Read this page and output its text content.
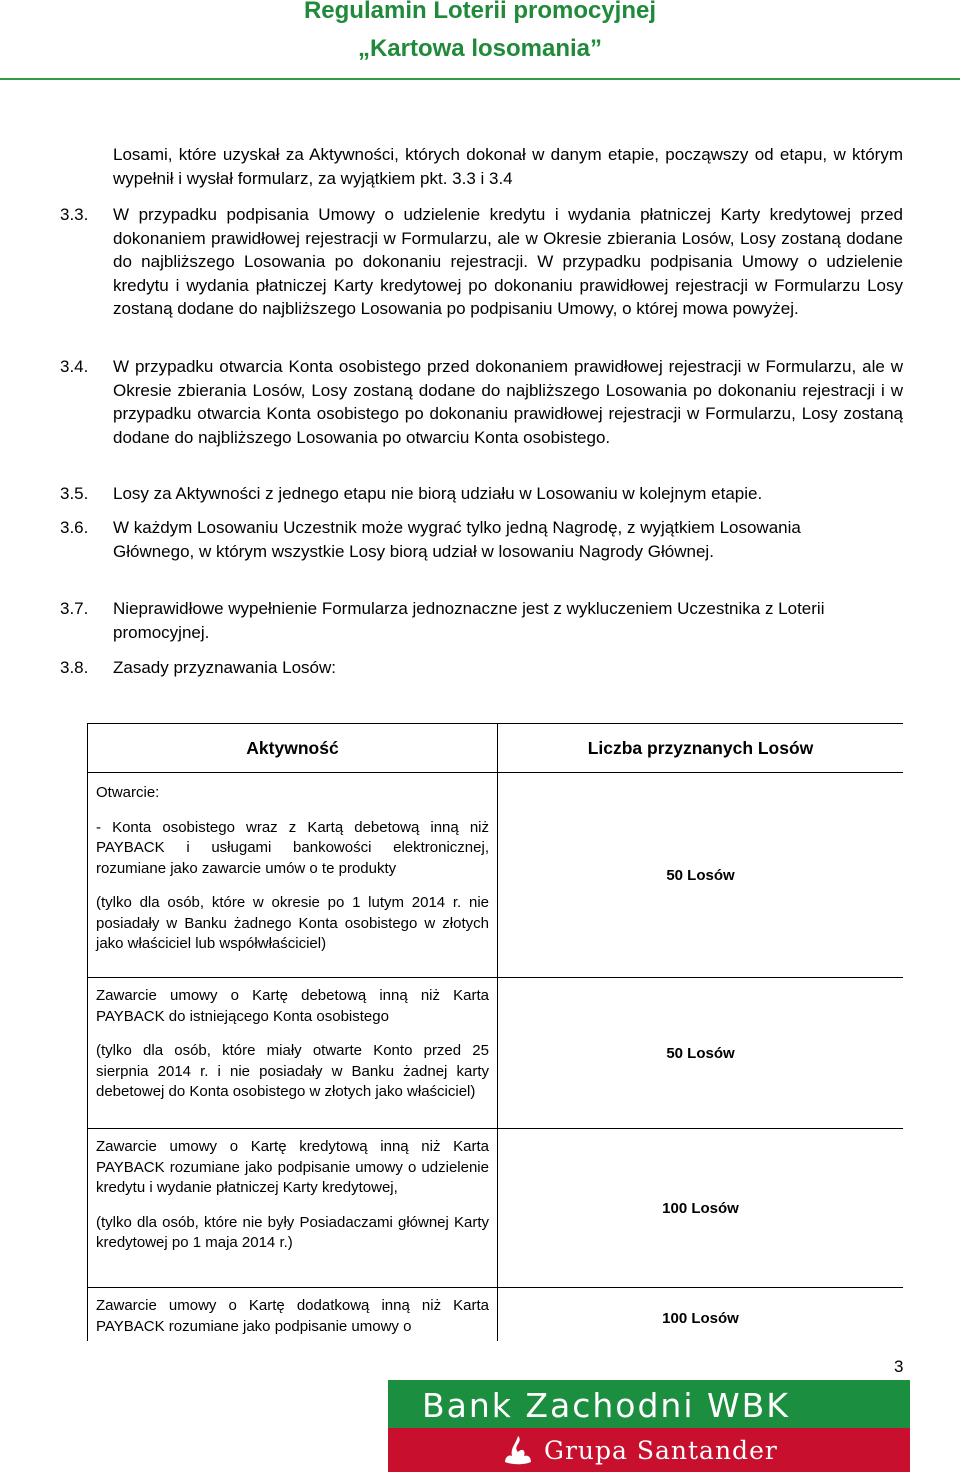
Regulamin Loterii promocyjnej
„Kartowa losomania”
Losami, które uzyskał za Aktywności, których dokonał w danym etapie, począwszy od etapu, w którym wypełnił i wysłał formularz, za wyjątkiem pkt. 3.3 i 3.4
3.3. W przypadku podpisania Umowy o udzielenie kredytu i wydania płatniczej Karty kredytowej przed dokonaniem prawidłowej rejestracji w Formularzu, ale w Okresie zbierania Losów, Losy zostaną dodane do najbliższego Losowania po dokonaniu rejestracji. W przypadku podpisania Umowy o udzielenie kredytu i wydania płatniczej Karty kredytowej po dokonaniu prawidłowej rejestracji w Formularzu Losy zostaną dodane do najbliższego Losowania po podpisaniu Umowy, o której mowa powyżej.
3.4. W przypadku otwarcia Konta osobistego przed dokonaniem prawidłowej rejestracji w Formularzu, ale w Okresie zbierania Losów, Losy zostaną dodane do najbliższego Losowania po dokonaniu rejestracji i w przypadku otwarcia Konta osobistego po dokonaniu prawidłowej rejestracji w Formularzu, Losy zostaną dodane do najbliższego Losowania po otwarciu Konta osobistego.
3.5. Losy za Aktywności z jednego etapu nie biorą udziału w Losowaniu w kolejnym etapie.
3.6. W każdym Losowaniu Uczestnik może wygrać tylko jedną Nagrodę, z wyjątkiem Losowania Głównego, w którym wszystkie Losy biorą udział w losowaniu Nagrody Głównej.
3.7. Nieprawidłowe wypełnienie Formularza jednoznaczne jest z wykluczeniem Uczestnika z Loterii promocyjnej.
3.8. Zasady przyznawania Losów:
Aktywność	Liczba przyznanych Losów

Otwarcie:

- Konta osobistego wraz z Kartą debetową inną niż PAYBACK i usługami bankowości elektronicznej, rozumiane jako zawarcie umów o te produkty

(tylko dla osób, które w okresie po 1 lutym 2014 r. nie posiadały w Banku żadnego Konta osobistego w złotych jako właściciel lub współwłaściciel)	50 Losów

Zawarcie umowy o Kartę debetową inną niż Karta PAYBACK do istniejącego Konta osobistego

(tylko dla osób, które miały otwarte Konto przed 25 sierpnia 2014 r. i nie posiadały w Banku żadnej karty debetowej do Konta osobistego w złotych jako właściciel)	50 Losów

Zawarcie umowy o Kartę kredytową inną niż Karta PAYBACK rozumiane jako podpisanie umowy o udzielenie kredytu i wydanie płatniczej Karty kredytowej,

(tylko dla osób, które nie były Posiadaczami głównej Karty kredytowej po 1 maja 2014 r.)	100 Losów

Zawarcie umowy o Kartę dodatkową inną niż Karta PAYBACK rozumiane jako podpisanie umowy o	100 Losów
3
Bank Zachodni WBK
Grupa Santander
